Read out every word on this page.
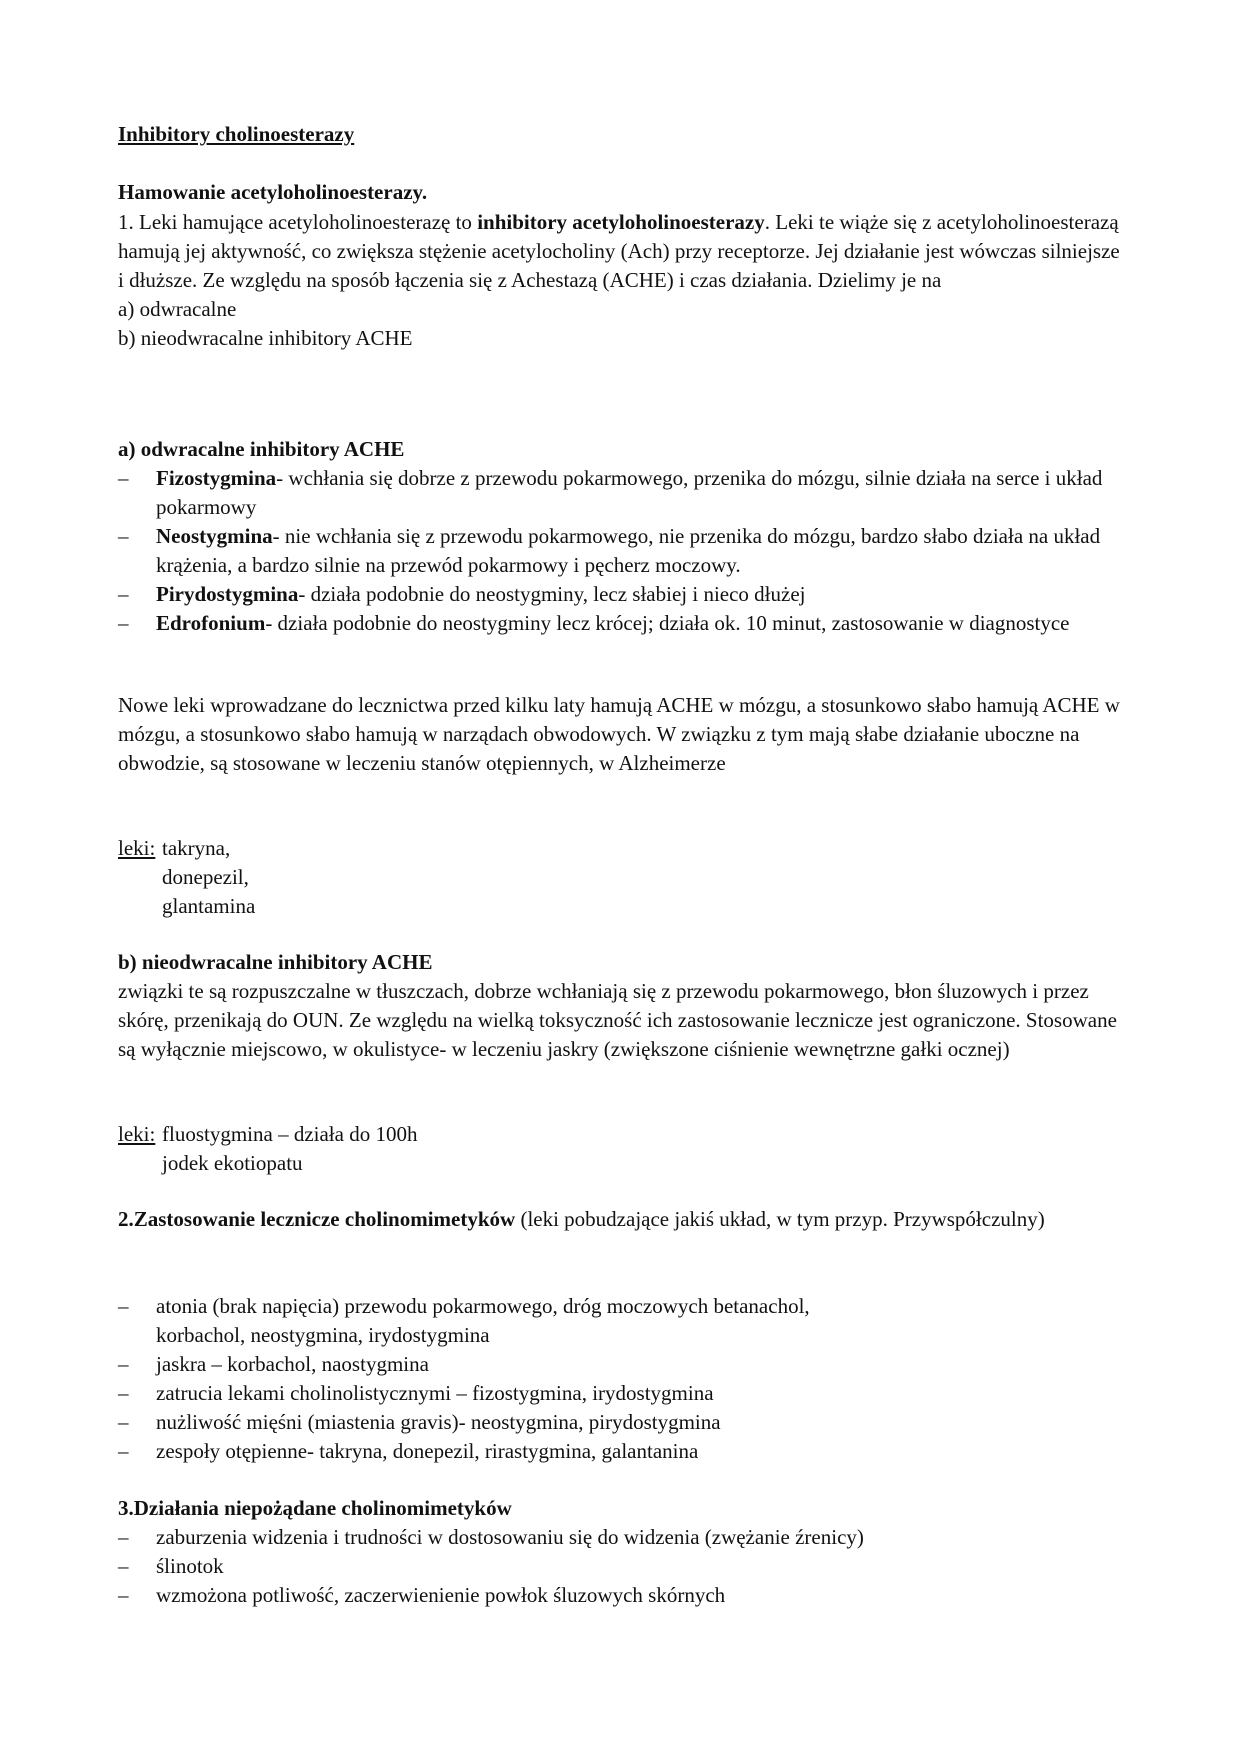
Inhibitory cholinoesterazy
Hamowanie acetyloholinoesterazy.

1. Leki hamujące acetyloholinoesterazę to inhibitory acetyloholinoesterazy. Leki te wiąże się z acetyloholinoesterazą hamują jej aktywność, co zwiększa stężenie acetylocholiny (Ach) przy receptorze. Jej działanie jest wówczas silniejsze i dłuższe. Ze względu na sposób łączenia się z Achestazą (ACHE) i czas działania. Dzielimy je na

a) odwracalne

b) nieodwracalne inhibitory ACHE

a) odwracalne inhibitory ACHE

– Fizostygmina- wchłania się dobrze z przewodu pokarmowego, przenika do mózgu, silnie działa na serce i układ pokarmowy
– Neostygmina- nie wchłania się z przewodu pokarmowego, nie przenika do mózgu, bardzo słabo działa na układ krążenia, a bardzo silnie na przewód pokarmowy i pęcherz moczowy.
– Pirydostygmina- działa podobnie do neostygminy, lecz słabiej i nieco dłużej
– Edrofonium- działa podobnie do neostygminy lecz krócej; działa ok. 10 minut, zastosowanie w diagnostyce

Nowe leki wprowadzane do lecznictwa przed kilku laty hamują ACHE w mózgu, a stosunkowo słabo hamują ACHE w mózgu, a stosunkowo słabo hamują w narządach obwodowych. W związku z tym mają słabe działanie uboczne na obwodzie, są stosowane w leczeniu stanów otępiennych, w Alzheimerze

leki: takryna,
donepezil,
glantamina

b) nieodwracalne inhibitory ACHE

związki te są rozpuszczalne w tłuszczach, dobrze wchłaniają się z przewodu pokarmowego, błon śluzowych i przez skórę, przenikają do OUN. Ze względu na wielką toksyczność ich zastosowanie lecznicze jest ograniczone. Stosowane są wyłącznie miejscowo, w okulistyce- w leczeniu jaskry (zwiększone ciśnienie wewnętrzne gałki ocznej)

leki: fluostygmina – działa do 100h
jodek ekotiopatu

2.Zastosowanie lecznicze cholinomimetyków (leki pobudzające jakiś układ, w tym przyp. Przywspółczulny)

– atonia (brak napięcia) przewodu pokarmowego, dróg moczowych betanachol, korbachol, neostygmina, irydostygmina
– jaskra – korbachol, naostygmina
– zatrucia lekami cholinolistycznymi – fizostygmina, irydostygmina
– nużliwość mięśni (miastenia gravis)- neostygmina, pirydostygmina
– zespoły otępienne- takryna, donepezil, rirastygmina, galantanina

3.Działania niepożądane cholinomimetyków

– zaburzenia widzenia i trudności w dostosowaniu się do widzenia (zwężanie źrenicy)
– ślinotok
– wzmożona potliwość, zaczerwienienie powłok śluzowych skórnych
